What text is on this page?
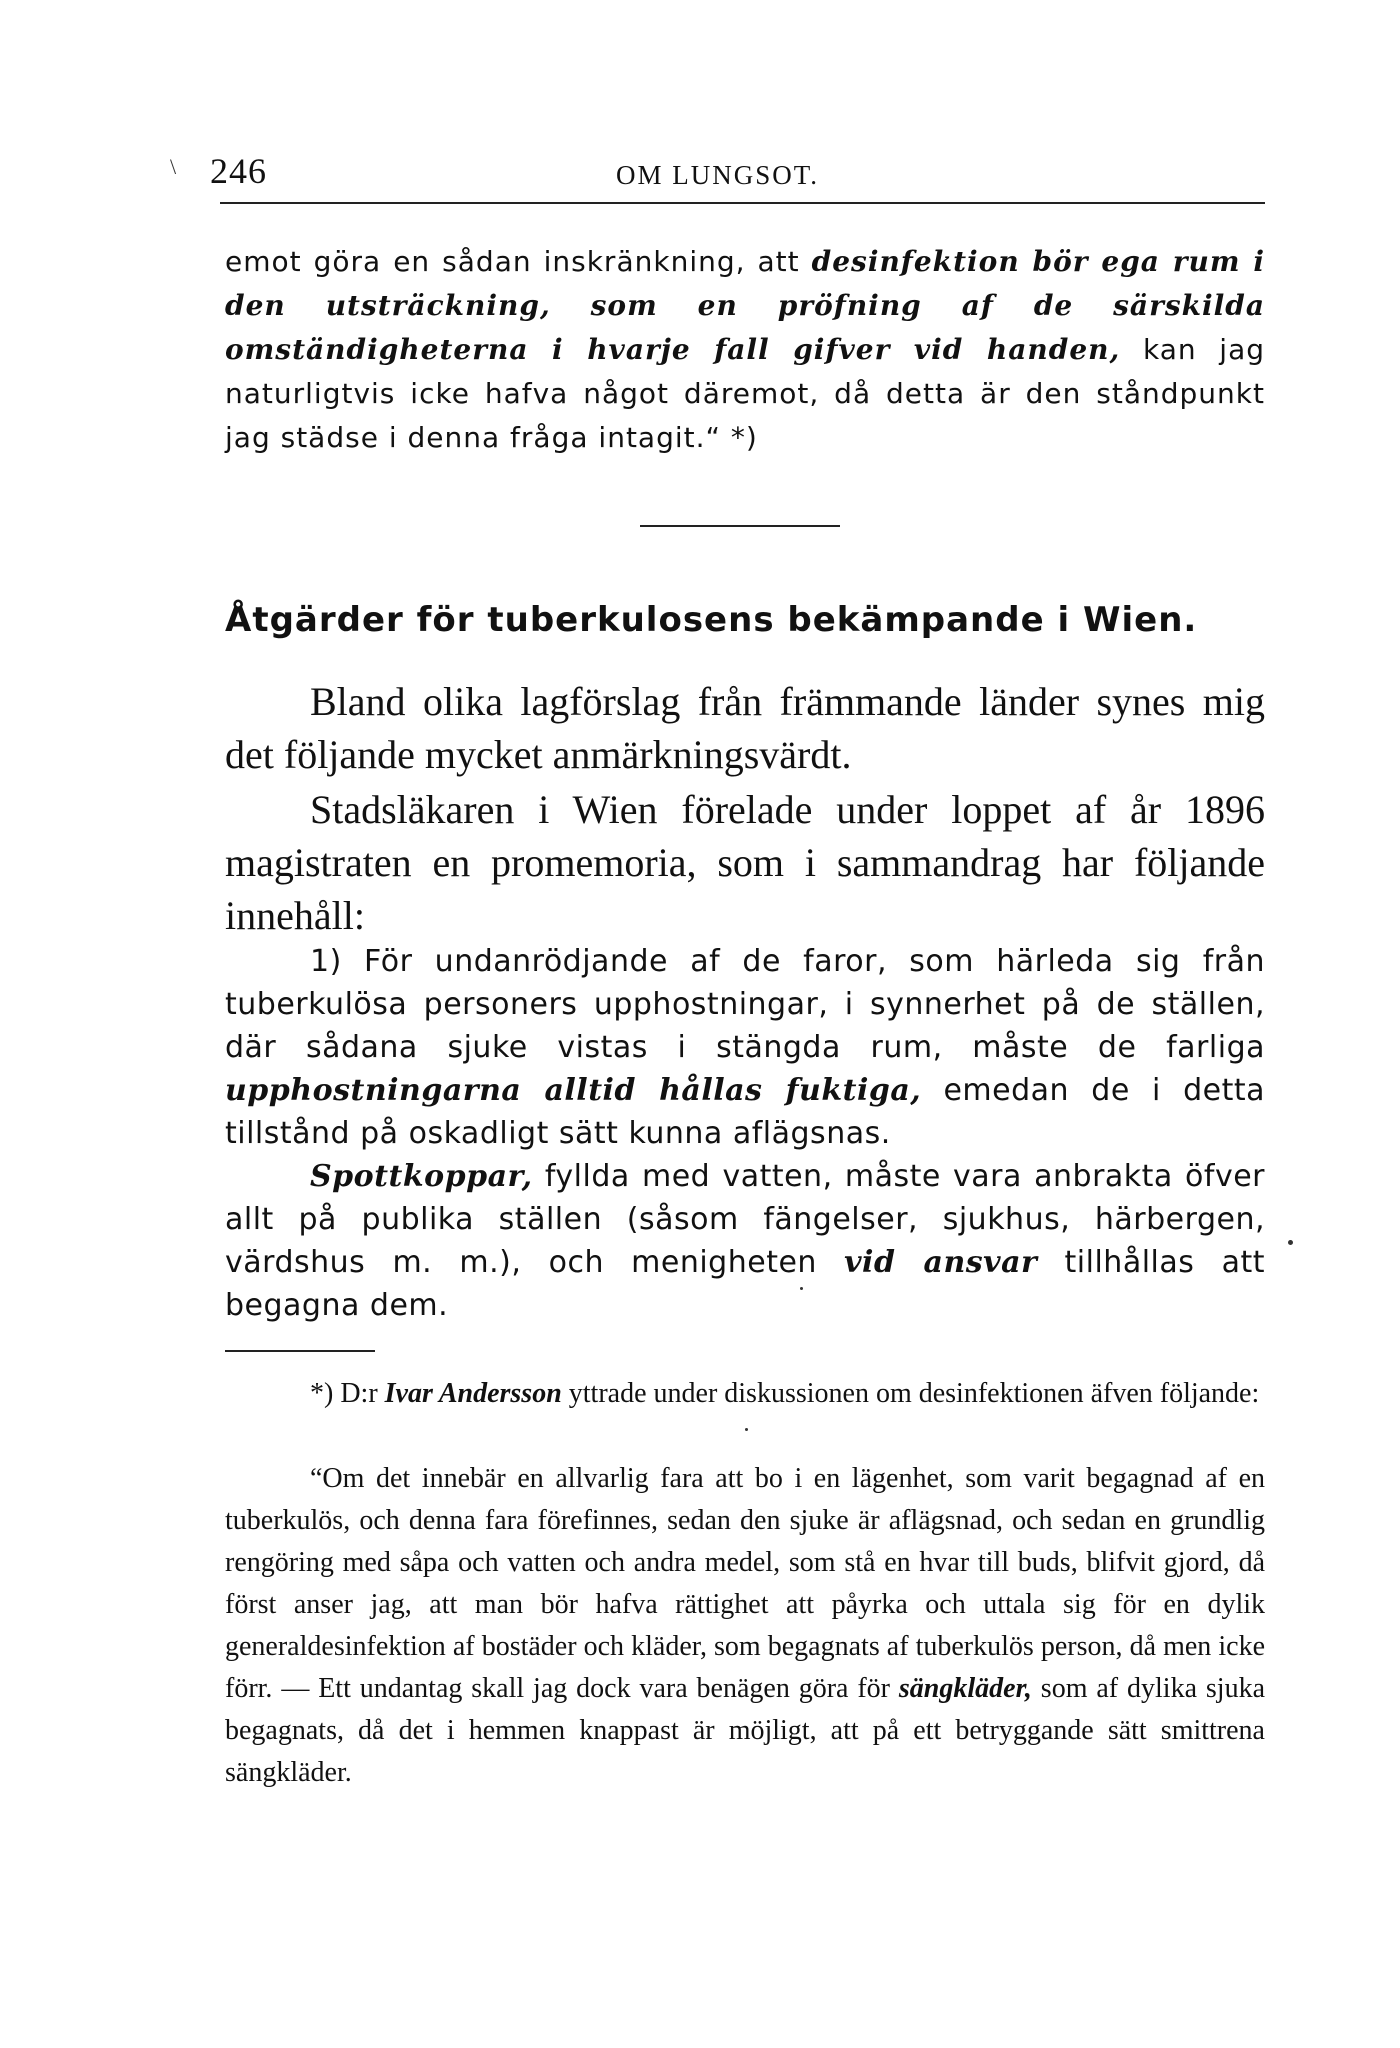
\ 246	OM LUNGSOT.

emot göra en sådan inskränkning, att desinfektion bör ega rum i den utsträckning, som en pröfning af de särskilda omständigheterna i hvarje fall gifver vid handen, kan jag naturligtvis icke hafva något däremot, då detta är den ståndpunkt jag städse i denna fråga intagit.“ *)

Åtgärder för tuberkulosens bekämpande i Wien.

Bland olika lagförslag från främmande länder synes mig det följande mycket anmärkningsvärdt.

Stadsläkaren i Wien förelade under loppet af år 1896 magistraten en promemoria, som i sammandrag har följande innehåll:

1) För undanrödjande af de faror, som härleda sig från tuberkulösa personers upphostningar, i synnerhet på de ställen, där sådana sjuke vistas i stängda rum, måste de farliga upphostningarna alltid hållas fuktiga, emedan de i detta tillstånd på oskadligt sätt kunna aflägsnas.

Spottkoppar, fyllda med vatten, måste vara anbrakta öfver allt på publika ställen (såsom fängelser, sjukhus, härbergen, värdshus m. m.), och menigheten vid ansvar tillhållas att begagna dem.

*) D:r Ivar Andersson yttrade under diskussionen om desinfektionen äfven följande:

“Om det innebär en allvarlig fara att bo i en lägenhet, som varit begagnad af en tuberkulös, och denna fara förefinnes, sedan den sjuke är aflägsnad, och sedan en grundlig rengöring med såpa och vatten och andra medel, som stå en hvar till buds, blifvit gjord, då först anser jag, att man bör hafva rättighet att påyrka och uttala sig för en dylik generaldesinfektion af bostäder och kläder, som begagnats af tuberkulös person, då men icke förr. — Ett undantag skall jag dock vara benägen göra för sängkläder, som af dylika sjuka begagnats, då det i hemmen knappast är möjligt, att på ett betryggande sätt smittrena sängkläder.
